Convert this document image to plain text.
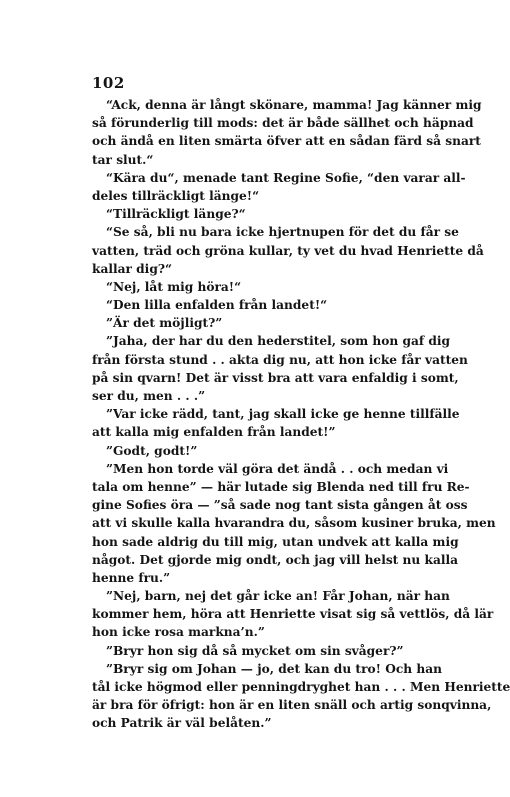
102
“Ack, denna är långt skönare, mamma! Jag känner mig
så förunderlig till mods: det är både sällhet och häpnad
och ändå en liten smärta öfver att en sådan färd så snart
tar slut.“
“Kära du“, menade tant Regine Sofie, “den varar all-
deles tillräckligt länge!“
“Tillräckligt länge?“
“Se så, bli nu bara icke hjertnupen för det du får se
vatten, träd och gröna kullar, ty vet du hvad Henriette då
kallar dig?“
“Nej, låt mig höra!“
“Den lilla enfalden från landet!“
”Är det möjligt?”
”Jaha, der har du den hederstitel, som hon gaf dig
från första stund . . akta dig nu, att hon icke får vatten
på sin qvarn! Det är visst bra att vara enfaldig i somt,
ser du, men . . .”
”Var icke rädd, tant, jag skall icke ge henne tillfälle
att kalla mig enfalden från landet!”
”Godt, godt!”
”Men hon torde väl göra det ändå . . och medan vi
tala om henne” — här lutade sig Blenda ned till fru Re-
gine Sofies öra — ”så sade nog tant sista gången åt oss
att vi skulle kalla hvarandra du, såsom kusiner bruka, men
hon sade aldrig du till mig, utan undvek att kalla mig
något. Det gjorde mig ondt, och jag vill helst nu kalla
henne fru.”
”Nej, barn, nej det går icke an! Får Johan, när han
kommer hem, höra att Henriette visat sig så vettlös, då lär
hon icke rosa markna’n.”
”Bryr hon sig då så mycket om sin svåger?”
”Bryr sig om Johan — jo, det kan du tro! Och han
tål icke högmod eller penningdryghet han . . . Men Henriette
är bra för öfrigt: hon är en liten snäll och artig sonqvinna,
och Patrik är väl belåten.”
